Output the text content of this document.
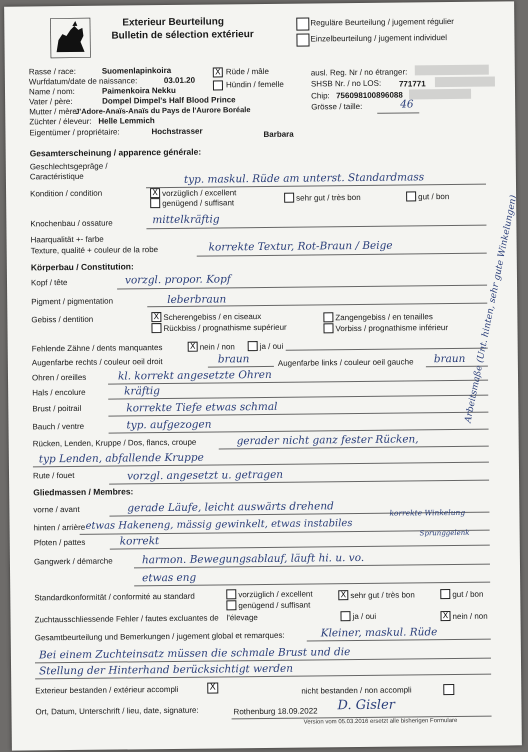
Exterieur Beurteilung
Bulletin de sélection extérieur
Reguläre Beurteilung / jugement régulier
Einzelbeurteilung / jugement individuel
Rasse / race:	Suomenlapinkoira
Wurfdatum/date de naissance:	03.01.20
Name / nom:	Paimenkoira Nekku
Vater / père:	Dompel Dimpel's Half Blood Prince
Mutter / mère
J'Adore-Anaïs-Anaïs du Pays de l'Aurore Boréale
Züchter / éleveur: Helle Lemmich
Eigentümer / propriétaire:	Hochstrasser	Barbara
X Rüde / mâle
Hündin / femelle
ausl. Reg. Nr / no étranger:
SHSB Nr. / no LOS: 771771
Chip: 756098100896088
Grösse / taille:	46
Gesamterscheinung / apparence générale:
Geschlechtsgepräge /
Caractéristique	typ. maskul. Rüde am unterst. Standardmass
Kondition / condition	X vorzüglich / excellent
genügend / suffisant
sehr gut / très bon	gut / bon
Knochenbau / ossature	mittelkräftig
Haarqualität +- farbe
Texture, qualité + couleur de la robe	korrekte Textur, Rot-Braun / Beige
Körperbau / Constitution:
Kopf / tête	vorzgl. propor. Kopf
Pigment / pigmentation	leberbraun
Gebiss / dentition	X Scherengebiss / en ciseaux
Rückbiss / prognathisme supérieur
Zangengebiss / en tenailles
Vorbiss / prognathisme inférieur
Fehlende Zähne / dents manquantes	X nein / non	ja / oui
Augenfarbe rechts / couleur oeil droit	braun	Augenfarbe links / couleur oeil gauche braun
Ohren / oreilles	kl. korrekt angesetzte Ohren
Hals / encolure	kräftig
Brust / poitrail	korrekte Tiefe etwas schmal
Bauch / ventre	typ. aufgezogen
Rücken, Lenden, Kruppe / Dos, flancs, croupe	gerader nicht ganz fester Rücken,
typ Lenden, abfallende Kruppe
Rute / fouet	vorzgl. angesetzt u. getragen
Gliedmassen / Membres:
vorne / avant	gerade Läufe, leicht auswärts drehend	korrekte Winkelung
hinten / arrière etwas Hakeneng, mässig gewinkelt, etwas instabiles
Sprunggelenk
Pfoten / pattes	korrekt
Gangwerk / démarche	harmon. Bewegungsablauf, läuft hi. u. vo.
etwas eng
Arbeitsmaße (Unt. hinten, sehr gute Winkelungen)
Standardkonformität / conformité au standard	vorzüglich / excellent
genügend / suffisant
X sehr gut / très bon	gut / bon
Zuchtausschliessende Fehler / fautes excluantes de l'élevage	ja / oui	X nein / non
Gesamtbeurteilung und Bemerkungen / jugement global et remarques:	Kleiner, maskul. Rüde
Bei einem Zuchteinsatz müssen die schmale Brust und die
Stellung der Hinterhand berücksichtigt werden
Exterieur bestanden / extérieur accompli	X	nicht bestanden / non accompli
Ort, Datum, Unterschrift / lieu, date, signature:	Rothenburg 18.09.2022 D. Gisler
Version vom 05.03.2016 ersetzt alle bisherigen Formulare
